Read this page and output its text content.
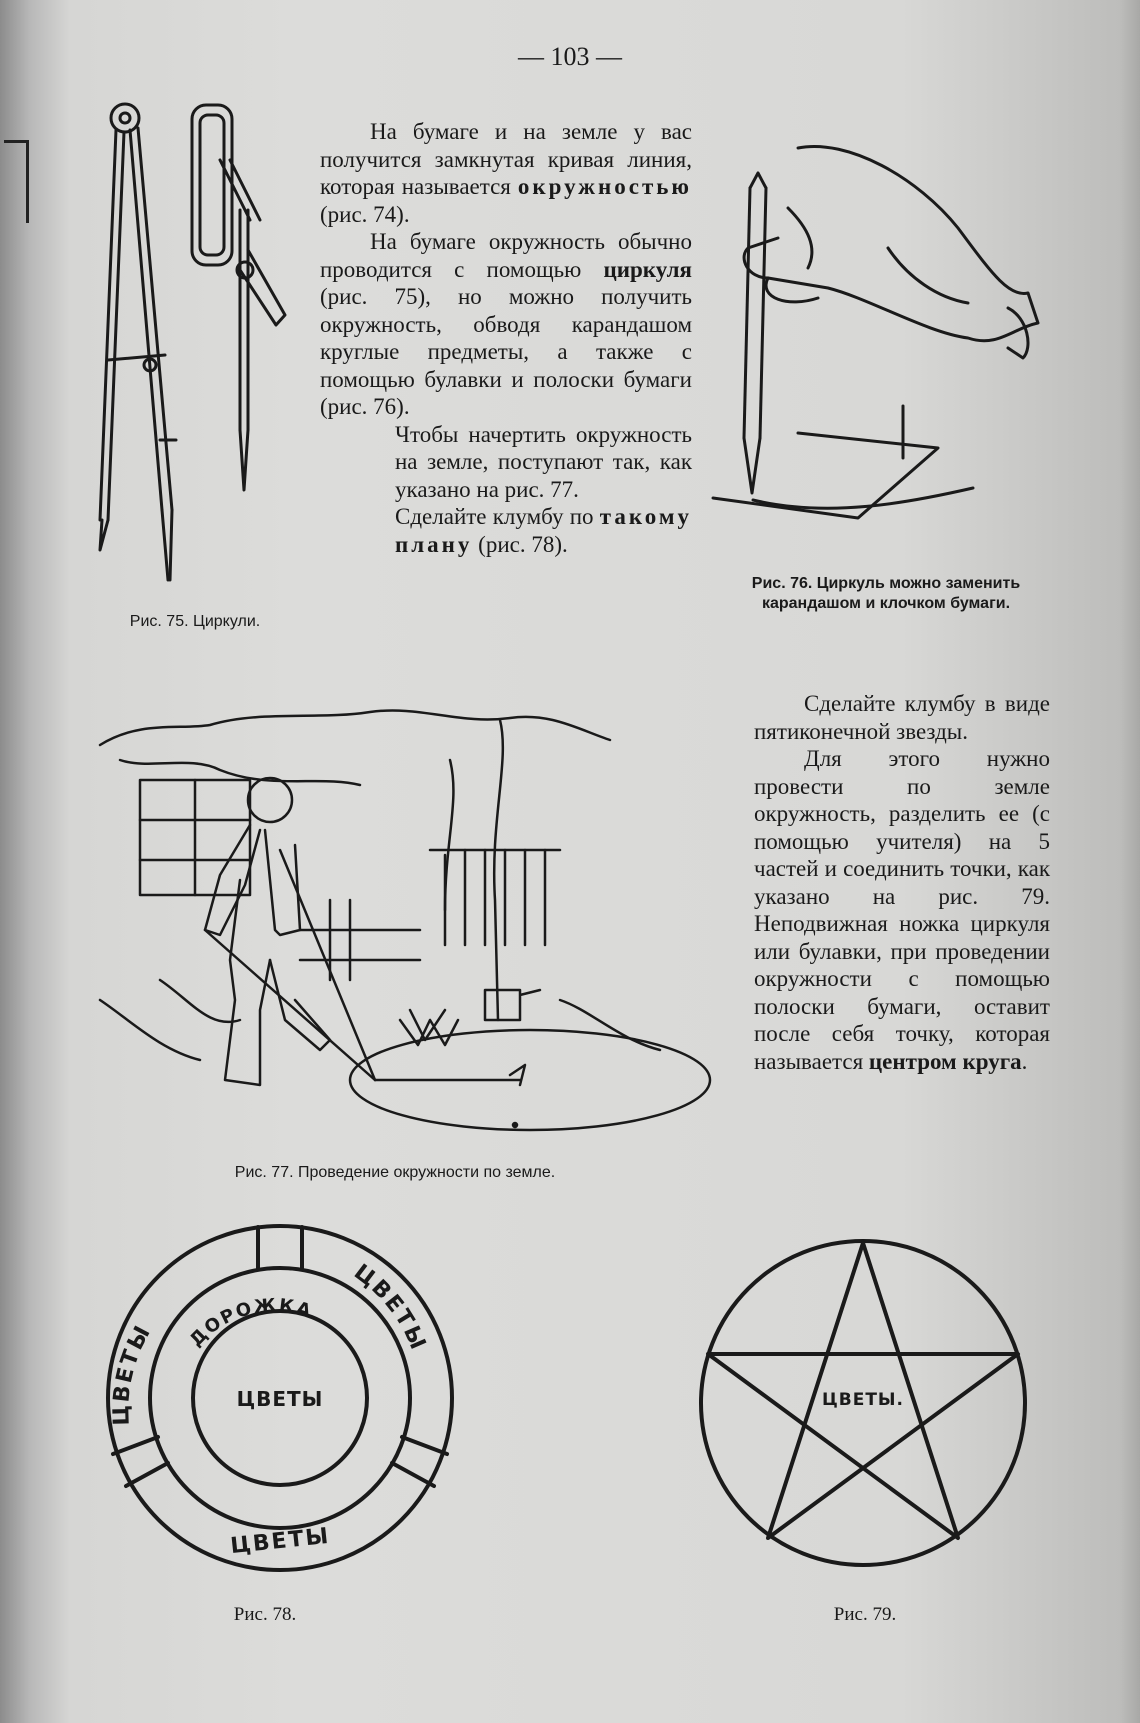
— 103 —
Рис. 75. Циркули.

На бумаге и на земле у вас получится замкнутая кривая линия, которая называется окружностью (рис. 74).

На бумаге окружность обычно проводится с помощью циркуля (рис. 75), но можно получить окружность, обводя карандашом круглые предметы, а также с помощью булавки и полоски бумаги (рис. 76).

Чтобы начертить окружность на земле, поступают так, как указано на рис. 77.

Сделайте клумбу по такому плану (рис. 78).

Рис. 76. Циркуль можно заменить карандашом и клочком бумаги.
Рис. 77. Проведение окружности по земле.

Сделайте клумбу в виде пятиконечной звезды.

Для этого нужно провести по земле окружность, разделить ее (с помощью учителя) на 5 частей и соединить точки, как указано на рис. 79. Неподвижная ножка циркуля или булавки, при проведении окружности с помощью полоски бумаги, оставит после себя точку, которая называется центром круга.

ЦВЕТЫ
ЦВЕТЫ
ДОРОЖКА
ЦВЕТЫ
ЦВЕТЫ
Рис. 78.
ЦВЕТЫ.
Рис. 79.
